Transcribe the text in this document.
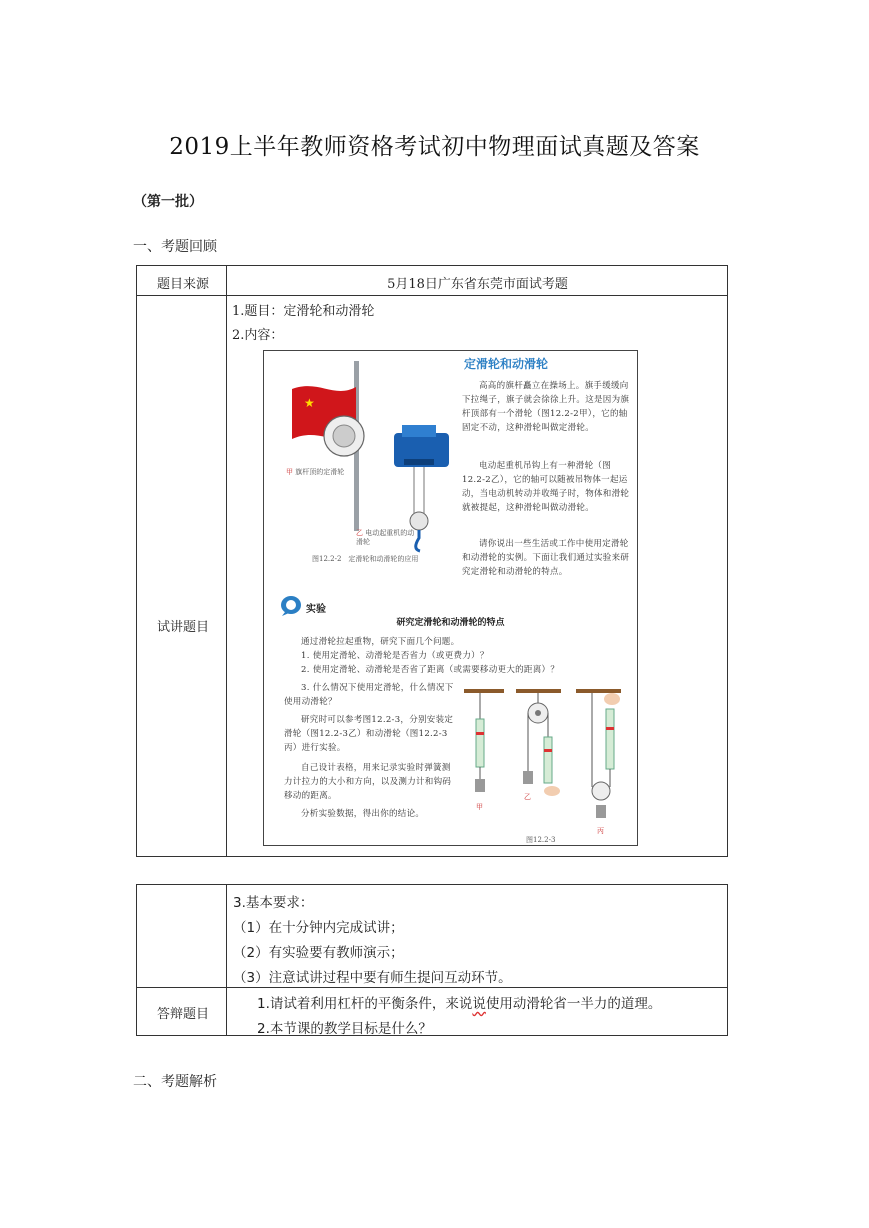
2019上半年教师资格考试初中物理面试真题及答案
（第一批）
一、考题回顾
题目来源	5月18日广东省东莞市面试考题
试讲题目
1.题目：定滑轮和动滑轮
2.内容：
定滑轮和动滑轮
★
甲 旗杆顶的定滑轮
乙 电动起重机的动滑轮
图12.2-2　定滑轮和动滑轮的应用
高高的旗杆矗立在操场上。旗手缓缓向下拉绳子，旗子就会徐徐上升。这是因为旗杆顶部有一个滑轮（图12.2-2甲），它的轴固定不动，这种滑轮叫做定滑轮。
电动起重机吊钩上有一种滑轮（图12.2-2乙），它的轴可以随被吊物体一起运动，当电动机转动并收绳子时，物体和滑轮就被提起，这种滑轮叫做动滑轮。
请你说出一些生活或工作中使用定滑轮和动滑轮的实例。下面让我们通过实验来研究定滑轮和动滑轮的特点。
实验
研究定滑轮和动滑轮的特点
通过滑轮拉起重物，研究下面几个问题。
1. 使用定滑轮、动滑轮是否省力（或更费力）？
2. 使用定滑轮、动滑轮是否省了距离（或需要移动更大的距离）？
3. 什么情况下使用定滑轮，什么情况下使用动滑轮？
研究时可以参考图12.2-3，分别安装定滑轮（图12.2-3乙）和动滑轮（图12.2-3丙）进行实验。
自己设计表格，用来记录实验时弹簧测力计拉力的大小和方向，以及测力计和钩码移动的距离。
分析实验数据，得出你的结论。
甲
乙
丙
图12.2-3
3.基本要求：
（1）在十分钟内完成试讲；
（2）有实验要有教师演示；
（3）注意试讲过程中要有师生提问互动环节。
答辩题目
1.请试着利用杠杆的平衡条件，来说说使用动滑轮省一半力的道理。
2.本节课的教学目标是什么？
二、考题解析
